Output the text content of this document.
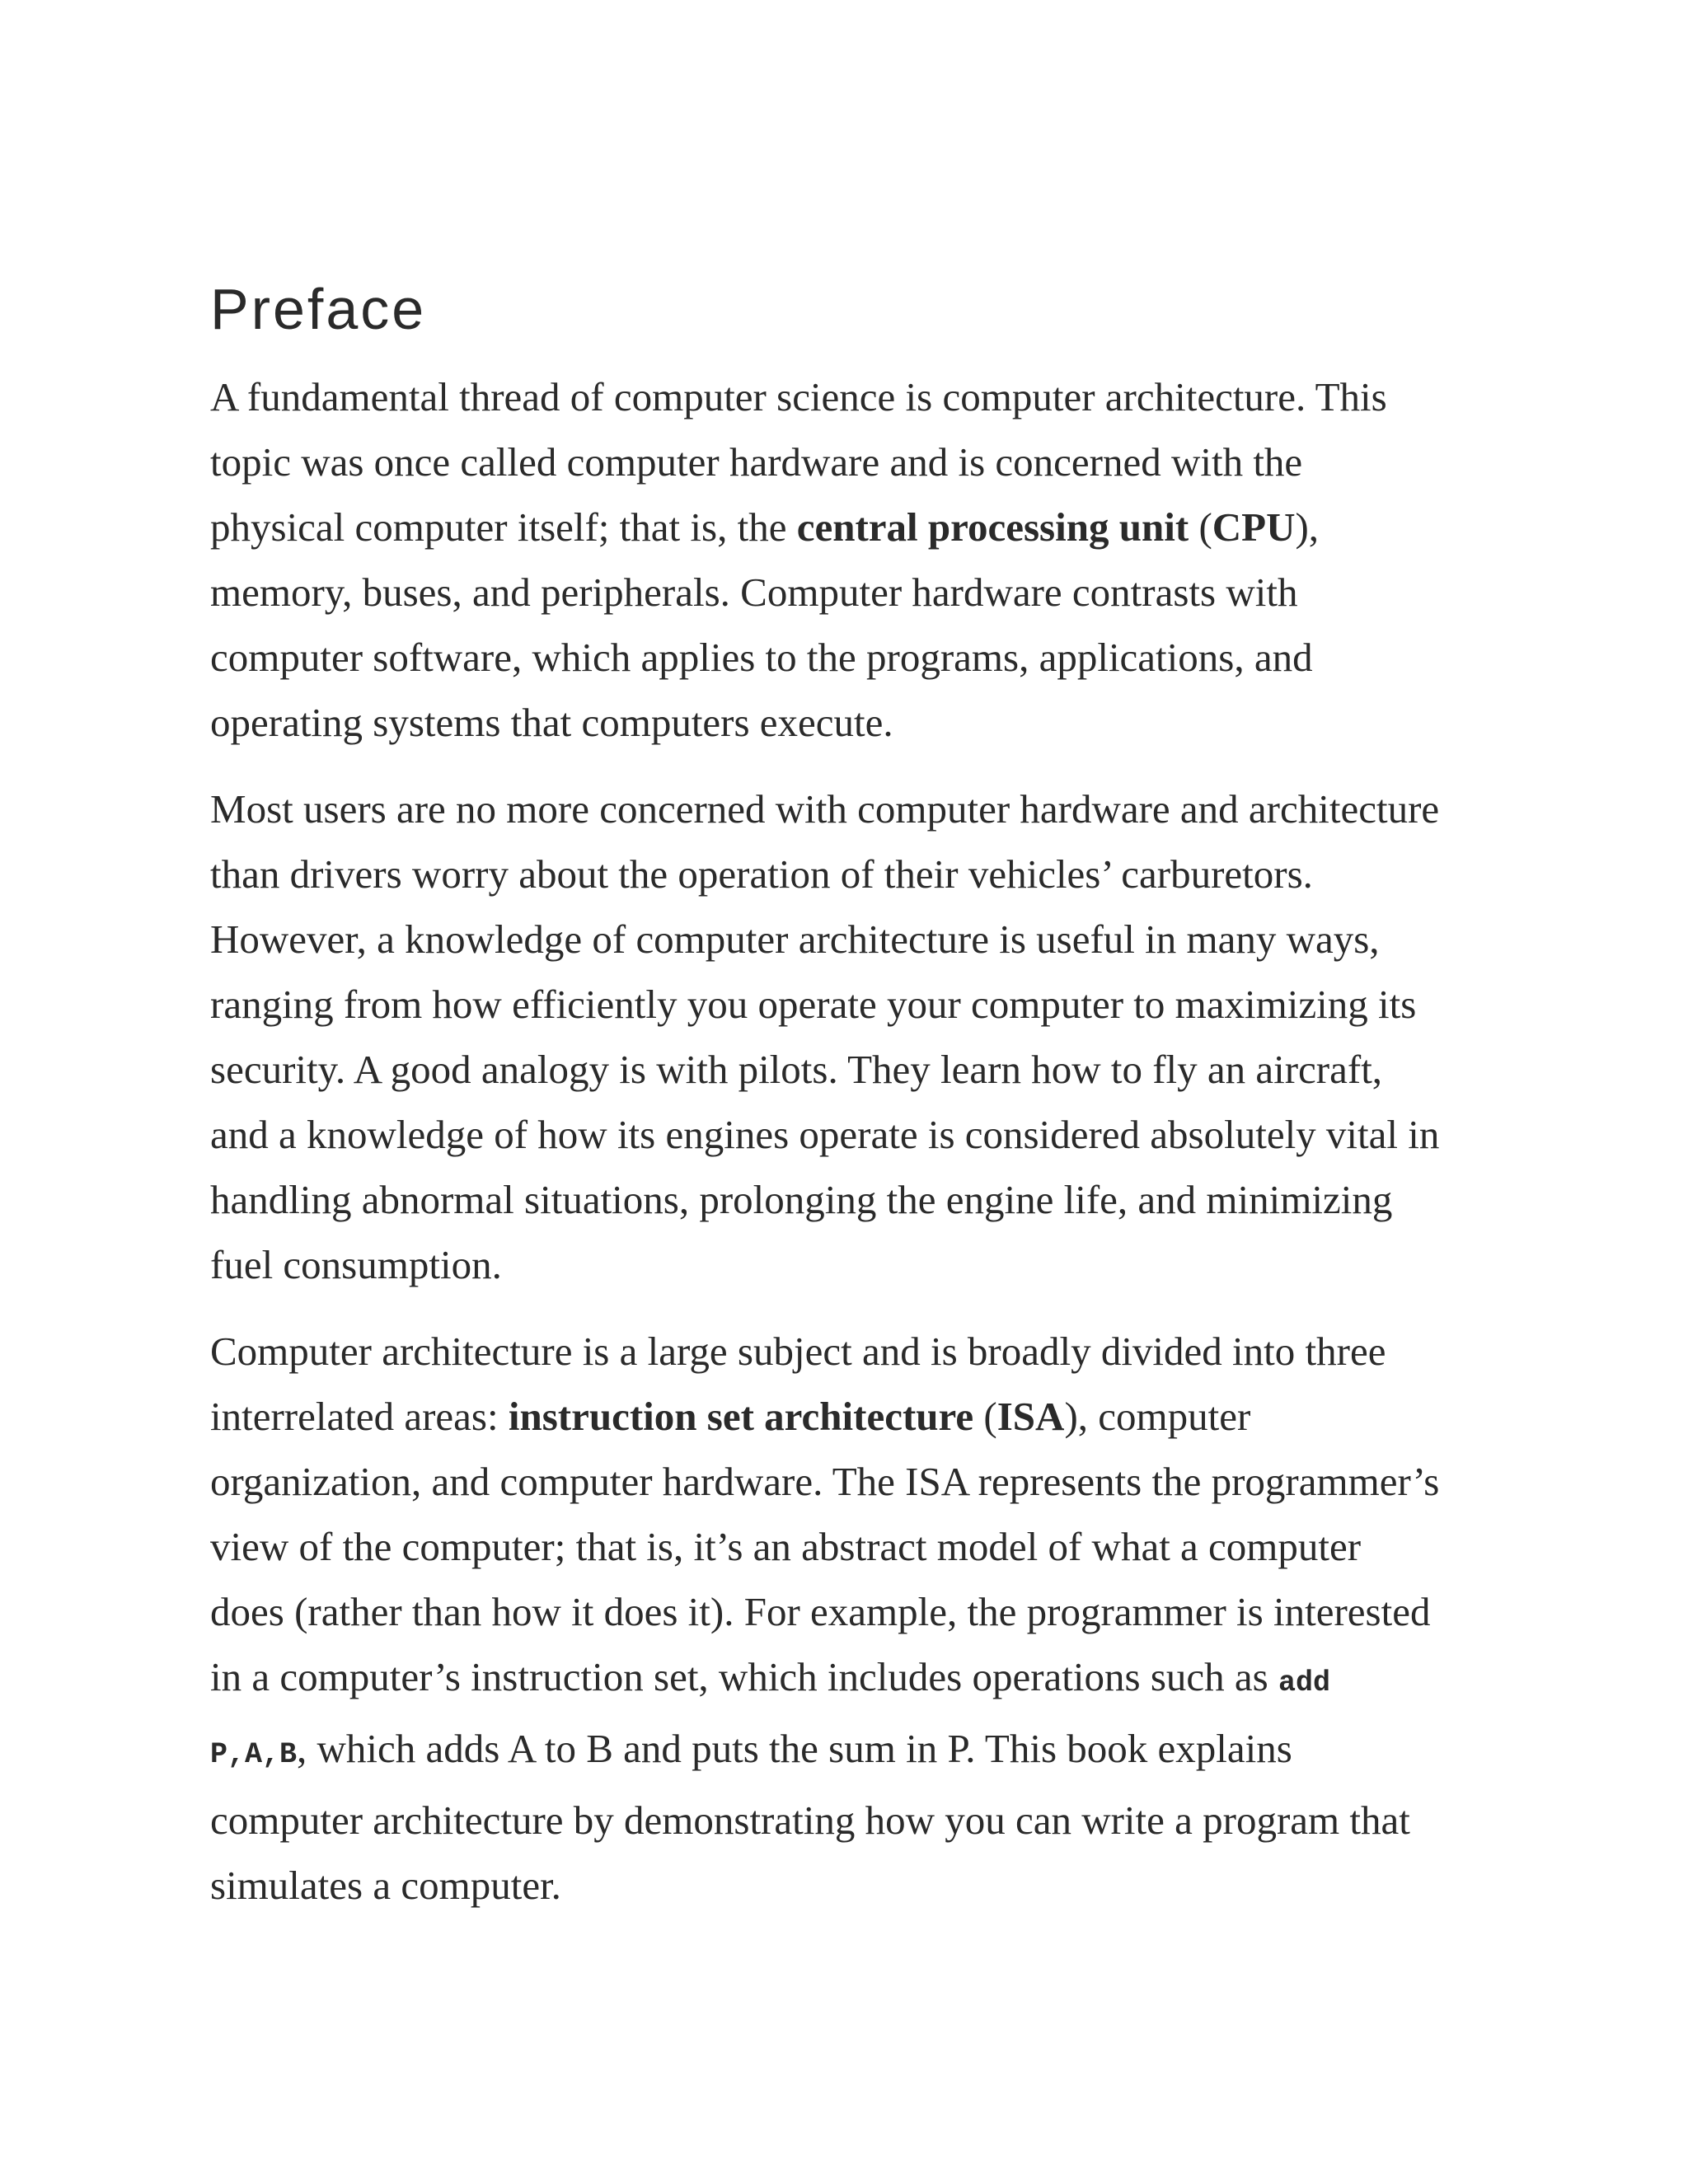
Preface

A fundamental thread of computer science is computer architecture. This
topic was once called computer hardware and is concerned with the
physical computer itself; that is, the central processing unit (CPU),
memory, buses, and peripherals. Computer hardware contrasts with
computer software, which applies to the programs, applications, and
operating systems that computers execute.

Most users are no more concerned with computer hardware and architecture
than drivers worry about the operation of their vehicles’ carburetors.
However, a knowledge of computer architecture is useful in many ways,
ranging from how efficiently you operate your computer to maximizing its
security. A good analogy is with pilots. They learn how to fly an aircraft,
and a knowledge of how its engines operate is considered absolutely vital in
handling abnormal situations, prolonging the engine life, and minimizing
fuel consumption.

Computer architecture is a large subject and is broadly divided into three
interrelated areas: instruction set architecture (ISA), computer
organization, and computer hardware. The ISA represents the programmer’s
view of the computer; that is, it’s an abstract model of what a computer
does (rather than how it does it). For example, the programmer is interested
in a computer’s instruction set, which includes operations such as add
P,A,B, which adds A to B and puts the sum in P. This book explains
computer architecture by demonstrating how you can write a program that
simulates a computer.
